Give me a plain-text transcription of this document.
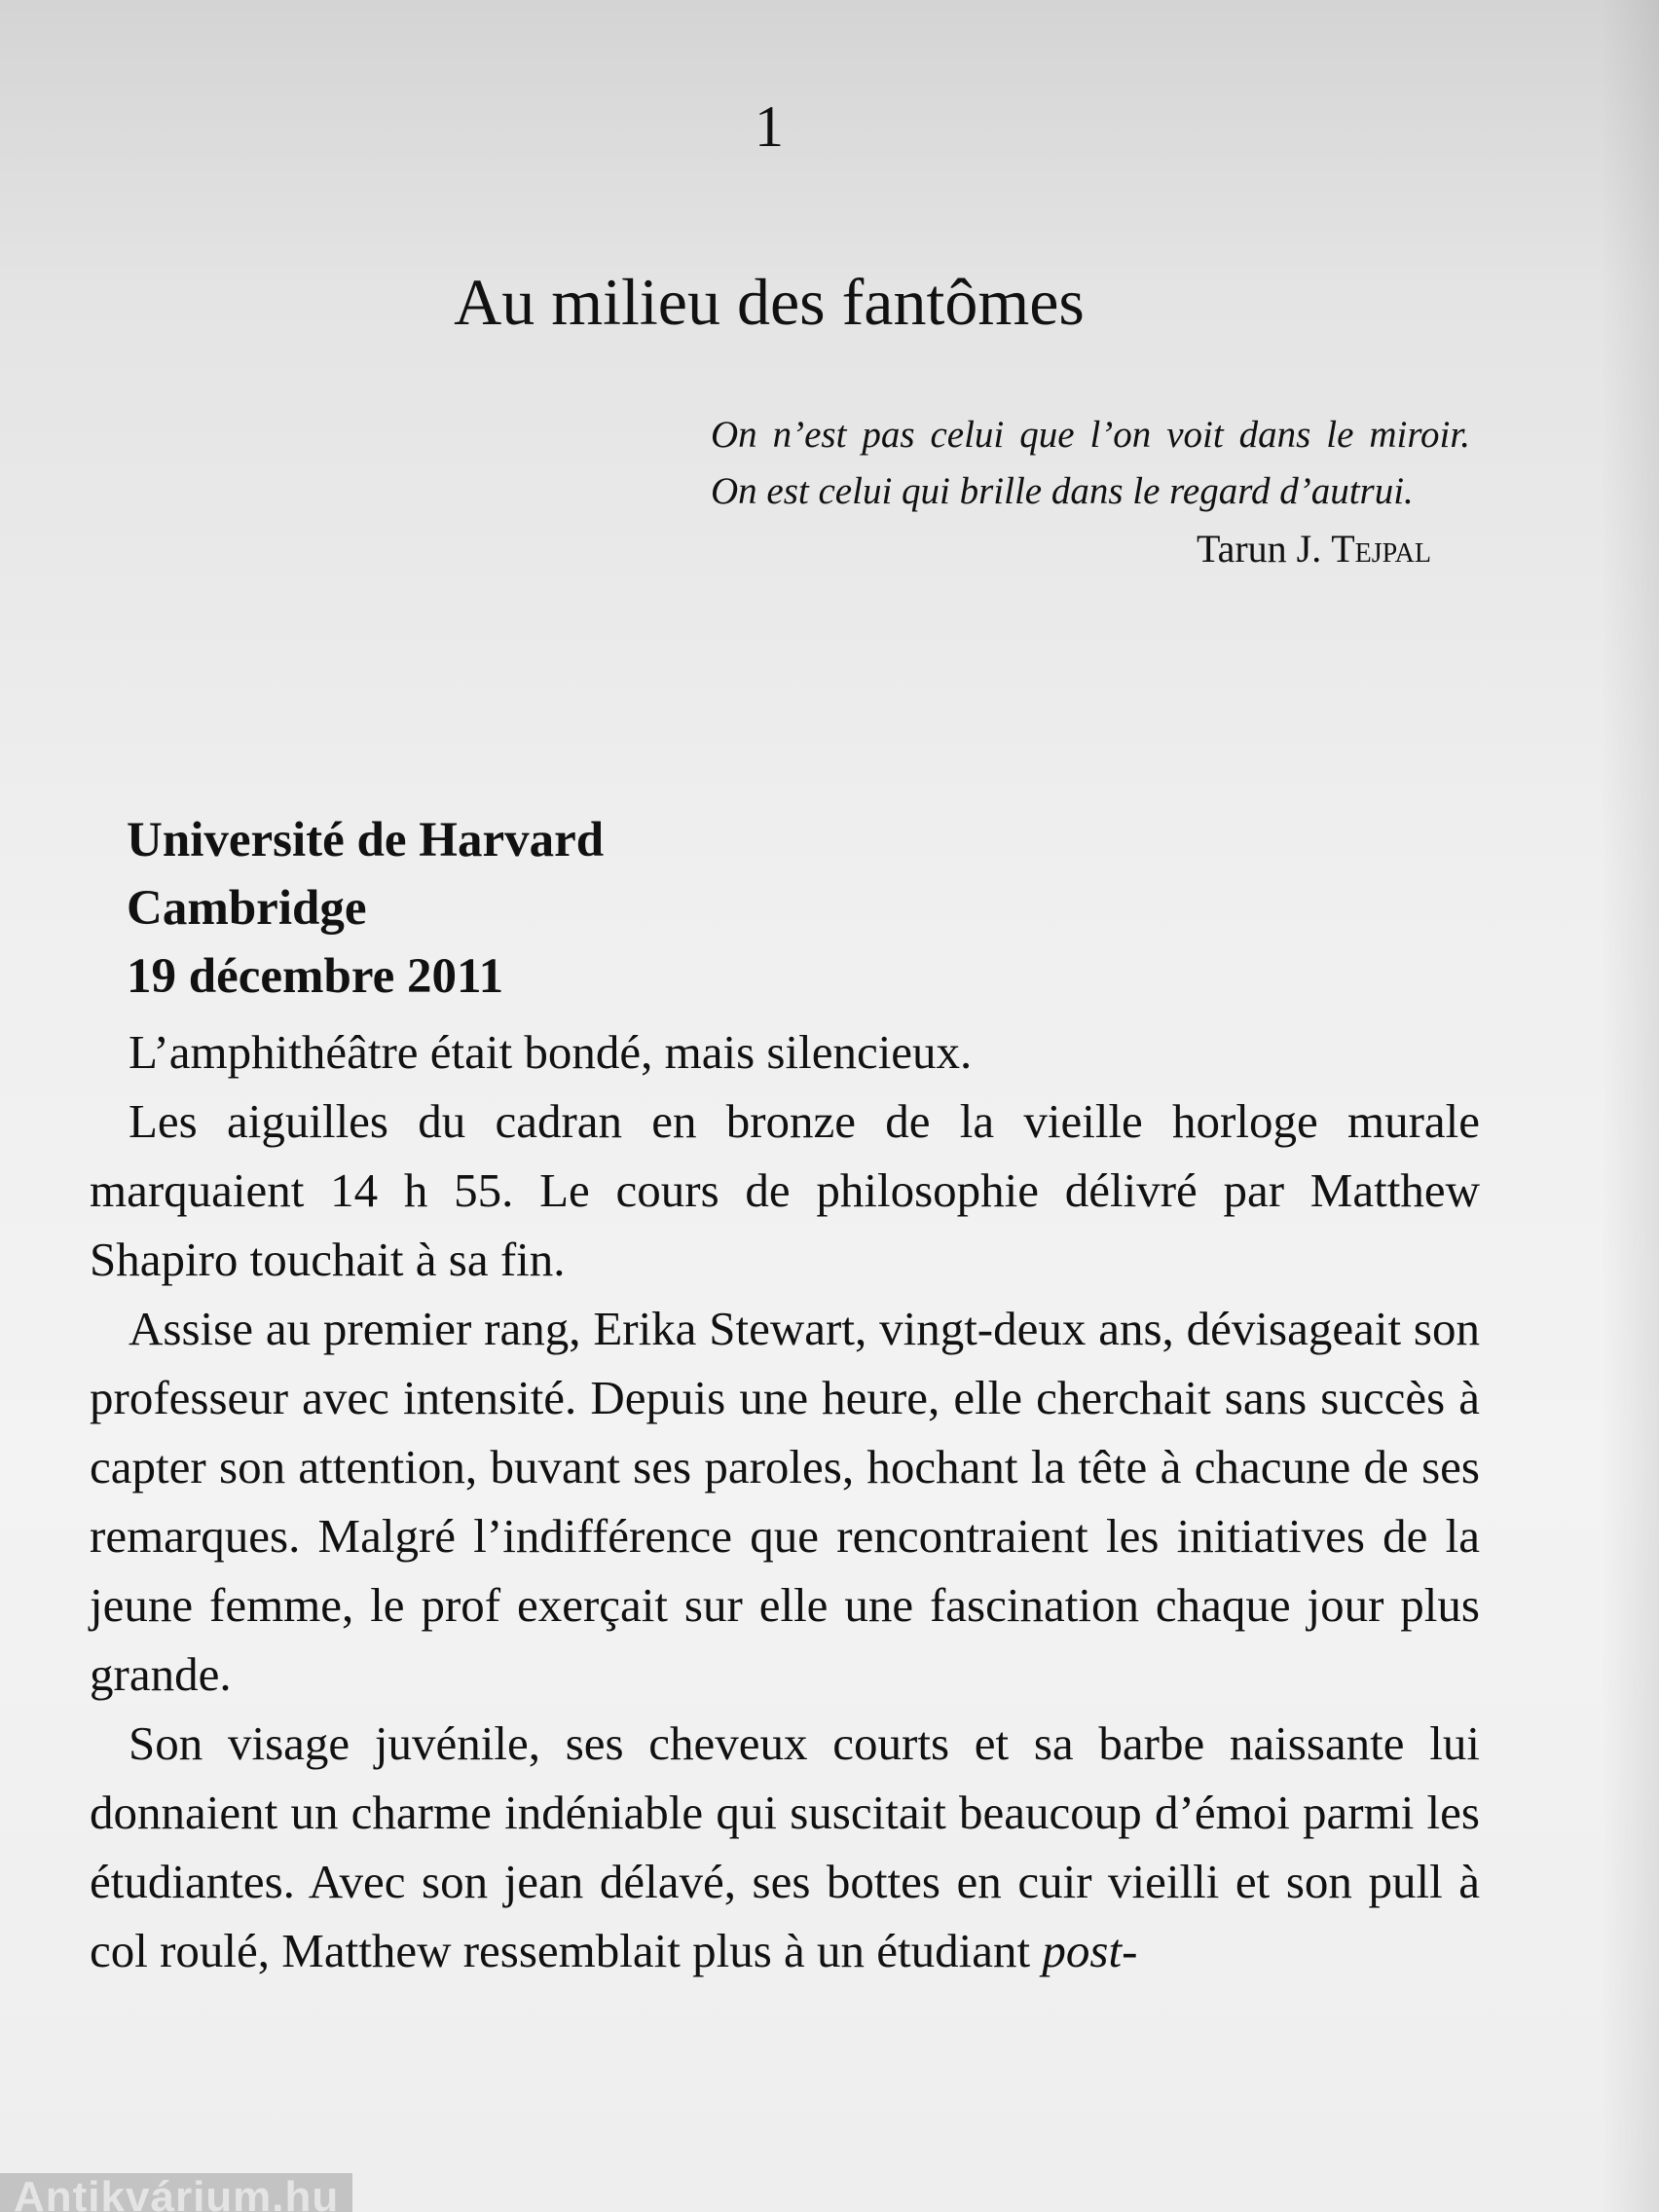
1
Au milieu des fantômes

On n’est pas celui que l’on voit dans le miroir. On est celui qui brille dans le regard d’autrui.

Tarun J. Tejpal

Université de Harvard
Cambridge
19 décembre 2011

L’amphithéâtre était bondé, mais silencieux.

Les aiguilles du cadran en bronze de la vieille horloge murale marquaient 14 h 55. Le cours de philosophie délivré par Matthew Shapiro touchait à sa fin.

Assise au premier rang, Erika Stewart, vingt-deux ans, dévisageait son professeur avec intensité. Depuis une heure, elle cherchait sans succès à capter son attention, buvant ses paroles, hochant la tête à chacune de ses remarques. Malgré l’indifférence que rencontraient les initiatives de la jeune femme, le prof exerçait sur elle une fascination chaque jour plus grande.

Son visage juvénile, ses cheveux courts et sa barbe naissante lui donnaient un charme indéniable qui suscitait beaucoup d’émoi parmi les étudiantes. Avec son jean délavé, ses bottes en cuir vieilli et son pull à col roulé, Matthew ressemblait plus à un étudiant post-

Antikvárium.hu
